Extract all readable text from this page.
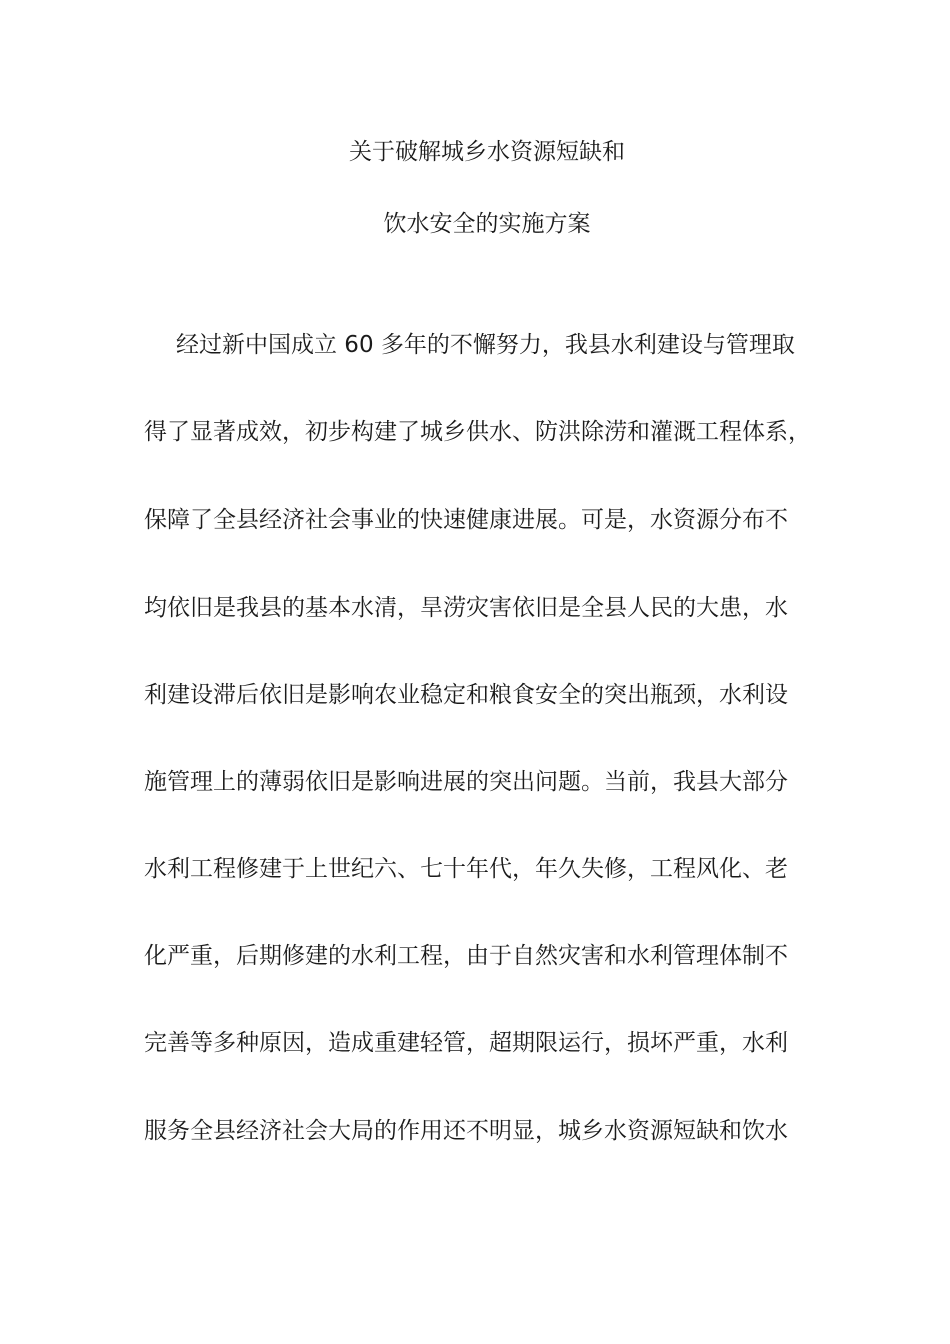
关于破解城乡水资源短缺和
饮水安全的实施方案
经过新中国成立 60 多年的不懈努力，我县水利建设与管理取
得了显著成效，初步构建了城乡供水、防洪除涝和灌溉工程体系，
保障了全县经济社会事业的快速健康进展。可是，水资源分布不
均依旧是我县的基本水清，旱涝灾害依旧是全县人民的大患，水
利建设滞后依旧是影响农业稳定和粮食安全的突出瓶颈，水利设
施管理上的薄弱依旧是影响进展的突出问题。当前，我县大部分
水利工程修建于上世纪六、七十年代，年久失修，工程风化、老
化严重，后期修建的水利工程，由于自然灾害和水利管理体制不
完善等多种原因，造成重建轻管，超期限运行，损坏严重，水利
服务全县经济社会大局的作用还不明显，城乡水资源短缺和饮水
